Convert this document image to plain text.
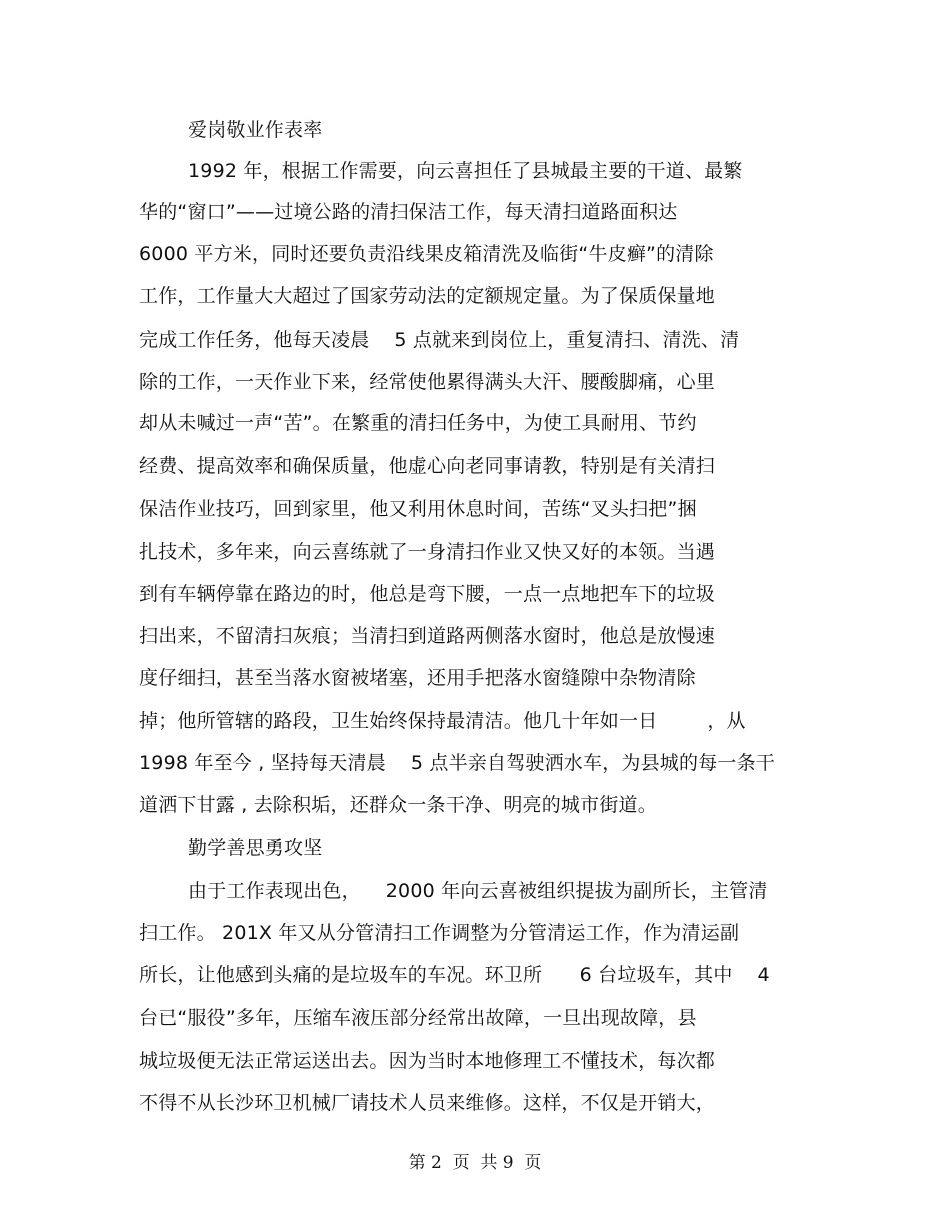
爱岗敬业作表率
1992 年，根据工作需要，向云喜担任了县城最主要的干道、最繁
华的“窗口”——过境公路的清扫保洁工作，每天清扫道路面积达
6000 平方米，同时还要负责沿线果皮箱清洗及临街“牛皮癣”的清除
工作，工作量大大超过了国家劳动法的定额规定量。为了保质保量地
完成工作任务，他每天凌晨    5 点就来到岗位上，重复清扫、清洗、清
除的工作，一天作业下来，经常使他累得满头大汗、腰酸脚痛，心里
却从未喊过一声“苦”。在繁重的清扫任务中，为使工具耐用、节约
经费、提高效率和确保质量，他虚心向老同事请教，特别是有关清扫
保洁作业技巧，回到家里，他又利用休息时间，苦练“叉头扫把”捆
扎技术，多年来，向云喜练就了一身清扫作业又快又好的本领。当遇
到有车辆停靠在路边的时，他总是弯下腰，一点一点地把车下的垃圾
扫出来，不留清扫灰痕；当清扫到道路两侧落水窗时，他总是放慢速
度仔细扫，甚至当落水窗被堵塞，还用手把落水窗缝隙中杂物清除
掉；他所管辖的路段，卫生始终保持最清洁。他几十年如一日        ，从
1998 年至今 , 坚持每天清晨    5 点半亲自驾驶洒水车，为县城的每一条干
道洒下甘露 , 去除积垢，还群众一条干净、明亮的城市街道。
勤学善思勇攻坚
由于工作表现出色，    2000 年向云喜被组织提拔为副所长，主管清
扫工作。 201X 年又从分管清扫工作调整为分管清运工作，作为清运副
所长，让他感到头痛的是垃圾车的车况。环卫所      6 台垃圾车，其中    4
台已“服役”多年，压缩车液压部分经常出故障，一旦出现故障，县
城垃圾便无法正常运送出去。因为当时本地修理工不懂技术，每次都
不得不从长沙环卫机械厂请技术人员来维修。这样，不仅是开销大，
第 2  页  共 9  页
